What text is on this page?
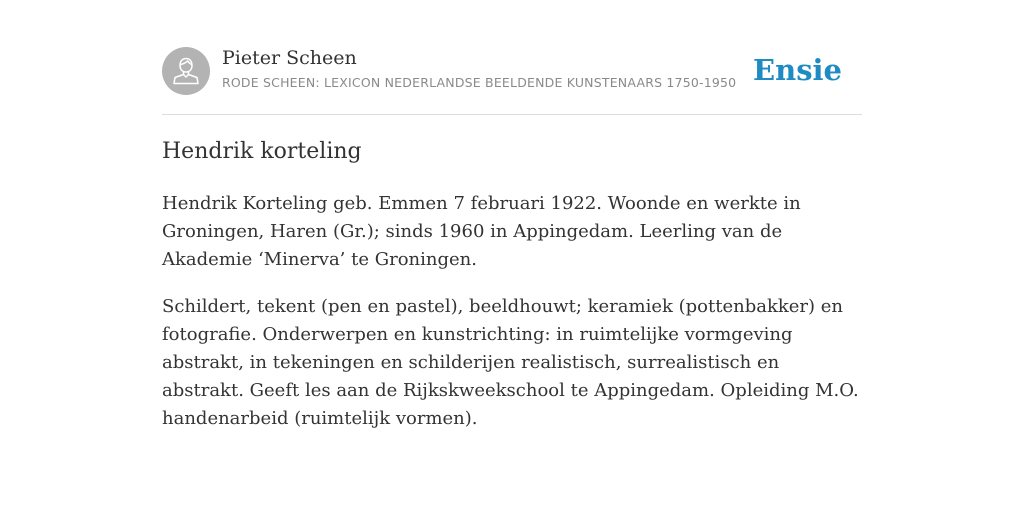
Pieter Scheen
RODE SCHEEN: LEXICON NEDERLANDSE BEELDENDE KUNSTENAARS 1750-1950 Ensie
Hendrik korteling

Hendrik Korteling geb. Emmen 7 februari 1922. Woonde en werkte in Groningen, Haren (Gr.); sinds 1960 in Appingedam. Leerling van de Akademie ‘Minerva’ te Groningen.

Schildert, tekent (pen en pastel), beeldhouwt; keramiek (pottenbakker) en fotografie. Onderwerpen en kunstrichting: in ruimtelijke vormgeving abstrakt, in tekeningen en schilderijen realistisch, surrealistisch en abstrakt. Geeft les aan de Rijkskweekschool te Appingedam. Opleiding M.O. handenarbeid (ruimtelijk vormen).
